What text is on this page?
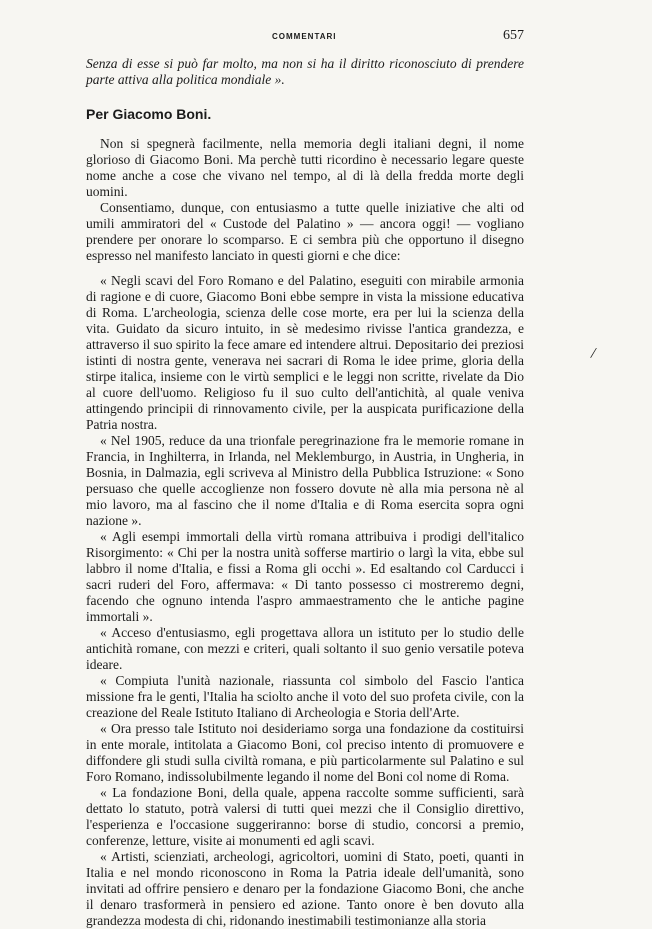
COMMENTARI	657

Senza di esse si può far molto, ma non si ha il diritto riconosciuto di prendere parte attiva alla politica mondiale ».

Per Giacomo Boni.

Non si spegnerà facilmente, nella memoria degli italiani degni, il nome glorioso di Giacomo Boni. Ma perchè tutti ricordino è necessario legare queste nome anche a cose che vivano nel tempo, al di là della fredda morte degli uomini.

Consentiamo, dunque, con entusiasmo a tutte quelle iniziative che alti od umili ammiratori del « Custode del Palatino » — ancora oggi! — vogliano prendere per onorare lo scomparso. E ci sembra più che opportuno il disegno espresso nel manifesto lanciato in questi giorni e che dice:

« Negli scavi del Foro Romano e del Palatino, eseguiti con mirabile armonia di ragione e di cuore, Giacomo Boni ebbe sempre in vista la missione educativa di Roma. L'archeologia, scienza delle cose morte, era per lui la scienza della vita. Guidato da sicuro intuito, in sè medesimo rivisse l'antica grandezza, e attraverso il suo spirito la fece amare ed intendere altrui. Depositario dei preziosi istinti di nostra gente, venerava nei sacrari di Roma le idee prime, gloria della stirpe italica, insieme con le virtù semplici e le leggi non scritte, rivelate da Dio al cuore dell'uomo. Religioso fu il suo culto dell'antichità, al quale veniva attingendo principii di rinnovamento civile, per la auspicata purificazione della Patria nostra.

« Nel 1905, reduce da una trionfale peregrinazione fra le memorie romane in Francia, in Inghilterra, in Irlanda, nel Meklemburgo, in Austria, in Ungheria, in Bosnia, in Dalmazia, egli scriveva al Ministro della Pubblica Istruzione: « Sono persuaso che quelle accoglienze non fossero dovute nè alla mia persona nè al mio lavoro, ma al fascino che il nome d'Italia e di Roma esercita sopra ogni nazione ».

« Agli esempi immortali della virtù romana attribuiva i prodigi dell'italico Risorgimento: « Chi per la nostra unità sofferse martirio o largì la vita, ebbe sul labbro il nome d'Italia, e fissi a Roma gli occhi ». Ed esaltando col Carducci i sacri ruderi del Foro, affermava: « Di tanto possesso ci mostreremo degni, facendo che ognuno intenda l'aspro ammaestramento che le antiche pagine immortali ».

« Acceso d'entusiasmo, egli progettava allora un istituto per lo studio delle antichità romane, con mezzi e criteri, quali soltanto il suo genio versatile poteva ideare.

« Compiuta l'unità nazionale, riassunta col simbolo del Fascio l'antica missione fra le genti, l'Italia ha sciolto anche il voto del suo profeta civile, con la creazione del Reale Istituto Italiano di Archeologia e Storia dell'Arte.

« Ora presso tale Istituto noi desideriamo sorga una fondazione da costituirsi in ente morale, intitolata a Giacomo Boni, col preciso intento di promuovere e diffondere gli studi sulla civiltà romana, e più particolarmente sul Palatino e sul Foro Romano, indissolubilmente legando il nome del Boni col nome di Roma.

« La fondazione Boni, della quale, appena raccolte somme sufficienti, sarà dettato lo statuto, potrà valersi di tutti quei mezzi che il Consiglio direttivo, l'esperienza e l'occasione suggeriranno: borse di studio, concorsi a premio, conferenze, letture, visite ai monumenti ed agli scavi.

« Artisti, scienziati, archeologi, agricoltori, uomini di Stato, poeti, quanti in Italia e nel mondo riconoscono in Roma la Patria ideale dell'umanità, sono invitati ad offrire pensiero e denaro per la fondazione Giacomo Boni, che anche il denaro trasformerà in pensiero ed azione. Tanto onore è ben dovuto alla grandezza modesta di chi, ridonando inestimabili testimonianze alla storia

/
